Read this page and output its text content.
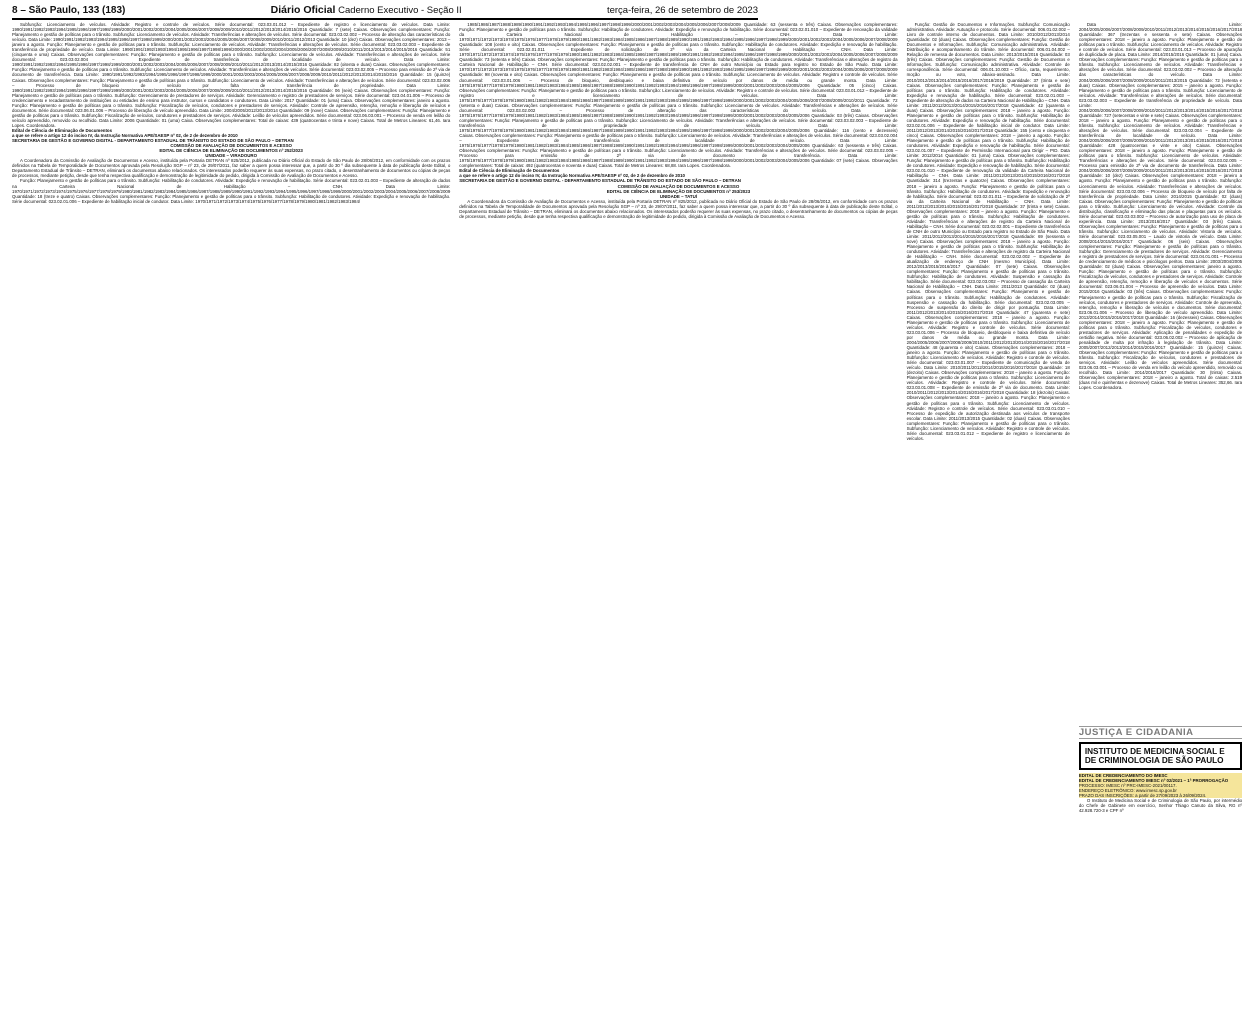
8 – São Paulo, 133 (183)	Diário Oficial Caderno Executivo - Seção II	terça-feira, 26 de setembro de 2023

Subfunção: Licenciamento de veículos. Atividade: Registro e controle de veículos. Série documental: 023.03.01.012 – Expediente de registro e licenciamento de veículos. Data Limite: 1990/1991/1992/1993/1994/1995/1996/1997/1998/1999/2000/2001/2002/2003/2004/2005/2006/2007/2008/2009/2010/2011/2012/2013/2014/2015/2016 Quantidade: 7 (sete) Caixas. Observações complementares: Função: Planejamento e gestão de políticas para o trânsito. Subfunção: Licenciamento de veículos. Atividade: Transferências e alterações de veículos. Série documental: 023.03.02.002 – Processo de alteração das características do veículo. Data Limite: 1990/1991/1992/1993/1994/1995/1996/1997/1998/1999/2000/2001/2002/2003/2004/2005/2006/2007/2008/2009/2010/2011/2012/2013 Quantidade: 10 (dez) Caixas. Observações complementares: 2013 – janeiro a agosto. Função: Planejamento e gestão de políticas para o trânsito. Subfunção: Licenciamento de veículos. Atividade: Transferências e alterações de veículos. Série documental: 023.03.02.003 – Expediente de transferência de propriedade de veículo. Data Limite: 1990/1991/1992/1993/1994/1995/1996/1997/1998/1999/2000/2001/2002/2003/2004/2005/2006/2007/2008/2009/2010/2011/2012/2013/2014/2015/2016 Quantidade: 51 (cinquenta e uma) Caixas. Observações complementares: Função: Planejamento e gestão de políticas para o trânsito. Subfunção: Licenciamento de veículos. Atividade: Transferências e alterações de veículos. Série documental: 023.03.02.004 – Expediente de transferência de localidade de veículo. Data Limite: 1990/1991/1992/1993/1994/1995/1996/1997/1998/1999/2000/2001/2002/2003/2004/2005/2006/2007/2008/2009/2010/2011/2012/2013/2014/2015/2016 Quantidade: 82 (oitenta e duas) Caixas. Observações complementares: Função: Planejamento e gestão de políticas para o trânsito. Subfunção: Licenciamento de veículos. Atividade: Transferências e alterações de veículos. Série documental: 023.03.02.005 – Processo para emissão de 2ª via de documento de transferência. Data Limite: 1990/1991/1992/1993/1994/1995/1996/1997/1998/1999/2000/2001/2002/2003/2004/2005/2006/2007/2008/2009/2010/2011/2012/2013/2014/2015/2016 Quantidade: 15 (quinze) Caixas. Observações complementares: Função: Planejamento e gestão de políticas para o trânsito. Subfunção: Licenciamento de veículos. Atividade: Transferências e alterações de veículos. Série documental: 023.03.02.006 – Processo de bloqueio de veículo por falta de transferência de propriedade. Data Limite: 1990/1991/1992/1993/1994/1995/1996/1997/1998/1999/2000/2001/2002/2003/2004/2005/2006/2007/2008/2009/2010/2011/2012/2013/2014/2015/2016 Quantidade: 06 (seis) Caixas. Observações complementares: Função: Planejamento e gestão de políticas para o trânsito. Subfunção: Gerenciamento de prestadores de serviços. Atividade: Gerenciamento e registro de prestadores de serviços. Série documental: 023.04.01.006 – Processo de credenciamento e recadastramento de instituições ou entidades de ensino para instrutor, cursos e candidatos e condutores. Data Limite: 2017 Quantidade: 01 (uma) Caixa. Observações complementares: janeiro a agosto. Função: Planejamento e gestão de políticas para o trânsito. Subfunção: Fiscalização de veículos, condutores e prestadores de serviços. Atividade: Controle de apreensão, retenção, remoção e liberação de veículos e documentos. Série documental: 023.06.01.006 – Processo de liberação de veículo apreendido. Data Limite: 2004/2005/2012/2013/2014 Quantidade: 09 (nove) Caixas. Observações complementares: Função: Planejamento e gestão de políticas para o trânsito. Subfunção: Fiscalização de veículos, condutores e prestadores de serviços. Atividade: Leilão de veículos apreendidos. Série documental: 023.06.03.001 – Processo de venda em leilão do veículo apreendido, removido ou recolhido. Data Limite: 2006 Quantidade: 01 (uma) Caixa. Observações complementares: Total de caixas: 439 (quatrocentas e trinta e nove) Caixas. Total de Metros Lineares: 61,46. Iara Lopes. Coordenadora.

Edital de Ciência de Eliminação de Documentos

a que se refere o artigo 12 do inciso IV, da Instrução Normativa APE/SAESP nº 02, de 2 de dezembro de 2010

SECRETARIA DE GESTÃO E GOVERNO DIGITAL - DEPARTAMENTO ESTADUAL DE TRÂNSITO DO ESTADO DE SÃO PAULO – DETRAN

COMISSÃO DE AVALIAÇÃO DE DOCUMENTOS E ACESSO

EDITAL DE CIÊNCIA DE ELIMINAÇÃO DE DOCUMENTOS nº 252/2023

UNIDADE – VIRADOURO

A Coordenadora da Comissão de Avaliação de Documentos e Acesso, instituída pela Portaria DETRAN nº 825/2012, publicada no Diário Oficial do Estado de São Paulo de 28/06/2012, em conformidade com os prazos definidos na Tabela de Temporalidade de Documentos aprovada pela Resolução SGP – nº 23, de 29/07/2011, faz saber a quem possa interessar que, a partir do 30 º dia subsequente à data de publicação deste Edital, o Departamento Estadual de Trânsito – DETRAN, eliminará os documentos abaixo relacionados. Os interessados poderão requerer às suas expensas, no prazo citado, o desentranhamento de documentos ou cópias de peças de processos, mediante petição, desde que tenha respectiva qualificação e demonstração de legitimidade do pedido, dirigida à Comissão de Avaliação de Documentos e Acesso.

Função: Planejamento e gestão de políticas para o trânsito. Subfunção: Habilitação de condutores. Atividade: Expedição e renovação de habilitação. Série documental: 023.02.01.003 – Expediente de alteração de dados na Carteira Nacional de Habilitação – CNH. Data Limite: 1970/1971/1972/1973/1974/1975/1976/1977/1978/1979/1980/1981/1982/1983/1984/1985/1986/1987/1988/1989/1990/1991/1992/1993/1994/1995/1996/1997/1998/1999/2000/2001/2002/2003/2004/2005/2006/2007/2008/2009 Quantidade: 18 (treze e quatro) Caixas. Observações complementares: Função: Planejamento e gestão de políticas para o trânsito. Subfunção: Habilitação de condutores. Atividade: Expedição e renovação de habilitação. Série documental: 023.02.01.006 – Expediente de habilitação inicial de condutor. Data Limite: 1970/1971/1972/1973/1974/1975/1976/1977/1978/1979/1980/1981/1982/1983/1984/

1985/1986/1987/1988/1989/1990/1991/1992/1993/1994/1995/1996/1997/1998/1999/2000/2001/2002/2003/2004/2005/2006/2007/2008/2009 Quantidade: 63 (sessenta e três) Caixas. Observações complementares: Função: Planejamento e gestão de políticas para o trânsito. Subfunção: Habilitação de condutores. Atividade: Expedição e renovação de habilitação. Série documental: 023.02.01.010 – Expediente de renovação da validade da Carteira Nacional de Habilitação – CNH. Data Limite: 1970/1971/1972/1973/1974/1975/1976/1977/1978/1979/1980/1981/1982/1983/1984/1985/1986/1987/1988/1989/1990/1991/1992/1993/1994/1995/1996/1997/1998/1999/2000/2001/2002/2003/2004/2005/2006/2007/2008/2009 Quantidade: 108 (cento e oito) Caixas. Observações complementares: Função: Planejamento e gestão de políticas para o trânsito. Subfunção: Habilitação de condutores. Atividade: Expedição e renovação de habilitação. Série documental: 023.02.01.011 – Expediente de solicitação de 2ª via da Carteira Nacional de Habilitação – CNH. Data Limite: 1970/1971/1972/1973/1974/1975/1976/1977/1978/1979/1980/1981/1982/1983/1984/1985/1986/1987/1988/1989/1990/1991/1992/1993/1994/1995/1996/1997/1998/1999/2000/2001/2002/2003/2004/2005/2006/2007/2008/2009 Quantidade: 73 (setenta e três) Caixas. Observações complementares: Função: Planejamento e gestão de políticas para o trânsito. Subfunção: Habilitação de condutores. Atividade: Transferências e alterações de registro da Carteira Nacional de Habilitação – CNH. Série documental: 023.02.02.001 – Expediente de transferência de CNH de outro Município ou Estado para registro no Estado de São Paulo. Data Limite: 1970/1971/1972/1973/1974/1975/1976/1977/1978/1979/1980/1981/1982/1983/1984/1985/1986/1987/1988/1989/1990/1991/1992/1993/1994/1995/1996/1997/1998/1999/2000/2001/2002/2003/2004/2005/2006/2007/2008/2009 Quantidade: 98 (noventa e oito) Caixas. Observações complementares: Função: Planejamento e gestão de políticas para o trânsito. Subfunção: Licenciamento de veículos. Atividade: Registro e controle de veículos. Série documental: 023.03.01.006 – Processo de bloqueio, desbloqueio e baixa definitiva de veículo por danos de média ou grande monta. Data Limite: 1975/1976/1977/1978/1979/1980/1981/1982/1983/1984/1985/1986/1987/1988/1989/1990/1991/1992/1993/1994/1995/1996/1997/1998/1999/2000/2001/2002/2003/2004/2005/2006 Quantidade: 05 (cinco) Caixas. Observações complementares: Função: Planejamento e gestão de políticas para o trânsito. Subfunção: Licenciamento de veículos. Atividade: Registro e controle de veículos. Série documental: 023.03.01.012 – Expediente de registro e licenciamento de veículos. Data Limite: 1975/1976/1977/1978/1979/1980/1981/1982/1983/1984/1985/1986/1987/1988/1989/1990/1991/1992/1993/1994/1995/1996/1997/1998/1999/2000/2001/2002/2003/2004/2005/2006/2007/2008/2009/2010/2011 Quantidade: 72 (setenta e duas) Caixas. Observações complementares: Função: Planejamento e gestão de políticas para o trânsito. Subfunção: Licenciamento de veículos. Atividade: Transferências e alterações de veículos. Série documental: 023.03.02.002 – Processo de alteração das características do veículo. Data Limite: 1975/1976/1977/1978/1979/1980/1981/1982/1983/1984/1985/1986/1987/1988/1989/1990/1991/1992/1993/1994/1995/1996/1997/1998/1999/2000/2001/2002/2003/2004/2005/2006 Quantidade: 03 (três) Caixas. Observações complementares: Função: Planejamento e gestão de políticas para o trânsito. Subfunção: Licenciamento de veículos. Atividade: Transferências e alterações de veículos. Série documental: 023.03.02.003 – Expediente de transferência de propriedade de veículo. Data Limite: 1975/1976/1977/1978/1979/1980/1981/1982/1983/1984/1985/1986/1987/1988/1989/1990/1991/1992/1993/1994/1995/1996/1997/1998/1999/2000/2001/2002/2003/2004/2005/2006 Quantidade: 116 (cento e dezesseis) Caixas. Observações complementares: Função: Planejamento e gestão de políticas para o trânsito. Subfunção: Licenciamento de veículos. Atividade: Transferências e alterações de veículos. Série documental: 023.03.02.004 – Expediente de transferência de localidade de veículo. Data Limite: 1975/1976/1977/1978/1979/1980/1981/1982/1983/1984/1985/1986/1987/1988/1989/1990/1991/1992/1993/1994/1995/1996/1997/1998/1999/2000/2001/2002/2003/2004/2005/2006 Quantidade: 63 (sessenta e três) Caixas. Observações complementares: Função: Planejamento e gestão de políticas para o trânsito. Subfunção: Licenciamento de veículos. Atividade: Transferências e alterações de veículos. Série documental: 023.03.02.005 – Processo para emissão de 2ª via de documento de transferência. Data Limite: 1975/1976/1977/1978/1979/1980/1981/1982/1983/1984/1985/1986/1987/1988/1989/1990/1991/1992/1993/1994/1995/1996/1997/1998/1999/2000/2001/2002/2003/2004/2005/2006 Quantidade: 07 (sete) Caixas. Observações complementares: Total de caixas: 492 (quatrocentas e noventa e duas) Caixas. Total de Metros Lineares: 68,88. Iara Lopes. Coordenadora.

Edital de Ciência de Eliminação de Documentos

a que se refere o artigo 12 do inciso IV, da Instrução Normativa APE/SAESP nº 02, de 2 de dezembro de 2010

SECRETARIA DE GESTÃO E GOVERNO DIGITAL - DEPARTAMENTO ESTADUAL DE TRÂNSITO DO ESTADO DE SÃO PAULO – DETRAN

COMISSÃO DE AVALIAÇÃO DE DOCUMENTOS E ACESSO

EDITAL DE CIÊNCIA DE ELIMINAÇÃO DE DOCUMENTOS nº 253/2023

UNIDADE – TATUÍ

A Coordenadora da Comissão de Avaliação de Documentos e Acesso, instituída pela Portaria DETRAN nº 825/2012, publicada no Diário Oficial do Estado de São Paulo de 28/06/2012, em conformidade com os prazos definidos na Tabela de Temporalidade de Documentos aprovada pela Resolução SGP – nº 23, de 29/07/2011, faz saber a quem possa interessar que, a partir do 30 º dia subsequente à data de publicação deste Edital, o Departamento Estadual de Trânsito – DETRAN, eliminará os documentos abaixo relacionados. Os interessados poderão requerer às suas expensas, no prazo citado, o desentranhamento de documentos ou cópias de peças de processos, mediante petição, desde que tenha respectiva qualificação e demonstração de legitimidade do pedido, dirigida à Comissão de Avaliação de Documentos e Acesso.

Função: Gestão de Documentos e Informações. Subfunção: Comunicação administrativa. Atividade: Autuação e protocolo. Série documental: 006.01.02.002 – Livro de controle interno de documentos. Data Limite: 2010/2012/2013/2014 Quantidade: 02 (duas) Caixas. Observações complementares: Função: Gestão de Documentos e Informações. Subfunção: Comunicação administrativa. Atividade: Distribuição e acompanhamento do trâmite. Série documental: 006.01.04.002 – Relação de remessa de documentos. Data Limite: 2013/2015/2016 Quantidade: 03 (três) Caixas. Observações complementares: Função: Gestão de Documentos e Informações. Subfunção: Comunicação administrativa. Atividade: Controle de correspondência. Série documental: 006.01.10.003 – Ofício, carta, requerimento, moção ou voto, abaixo-assinado. Data Limite: 2010/2012/2013/2014/2015/2016/2017/2018/2019 Quantidade: 37 (trinta e sete) Caixas. Observações complementares: Função: Planejamento e gestão de políticas para o trânsito. Subfunção: Habilitação de condutores. Atividade: Expedição e renovação de habilitação. Série documental: 023.02.01.003 – Expediente de alteração de dados na Carteira Nacional de Habilitação – CNH. Data Limite: 2011/2012/2013/2014/2015/2016/2017/2018 Quantidade: 42 (quarenta e duas) Caixas. Observações complementares: 2018 – janeiro a agosto. Função: Planejamento e gestão de políticas para o trânsito. Subfunção: Habilitação de condutores. Atividade: Expedição e renovação de habilitação. Série documental: 023.02.01.006 – Expediente de habilitação inicial de condutor. Data Limite: 2011/2012/2013/2014/2015/2016/2017/2018 Quantidade: 155 (cento e cinquenta e cinco) Caixas. Observações complementares: 2018 – janeiro a agosto. Função: Planejamento e gestão de políticas para o trânsito. Subfunção: Habilitação de condutores. Atividade: Expedição e renovação de habilitação. Série documental: 023.02.01.007 – Expediente de Permissão Internacional para Dirigir – PID. Data Limite: 2012/2014 Quantidade: 01 (uma) Caixa. Observações complementares: Função: Planejamento e gestão de políticas para o trânsito. Subfunção: Habilitação de condutores. Atividade: Expedição e renovação de habilitação. Série documental: 023.02.01.010 – Expediente de renovação da validade da Carteira Nacional de Habilitação – CNH. Data Limite: 2011/2012/2013/2014/2015/2016/2017/2018 Quantidade: 314 (trezentas e quatorze) Caixas. Observações complementares: 2018 – janeiro a agosto. Função: Planejamento e gestão de políticas para o trânsito. Subfunção: Habilitação de condutores. Atividade: Expedição e renovação de habilitação. Série documental: 023.02.01.011 – Expediente de solicitação de 2ª via da Carteira Nacional de Habilitação – CNH. Data Limite: 2011/2012/2013/2014/2015/2016/2017/2018 Quantidade: 37 (trinta e sete) Caixas. Observações complementares: 2018 – janeiro a agosto. Função: Planejamento e gestão de políticas para o trânsito. Subfunção: Habilitação de condutores. Atividade: Transferências e alterações de registro da Carteira Nacional de Habilitação – CNH. Série documental: 023.02.02.001 – Expediente de transferência de CNH de outro Município ou Estado para registro no Estado de São Paulo. Data Limite: 2011/2012/2013/2014/2015/2016/2017/2018 Quantidade: 69 (sessenta e nove) Caixas. Observações complementares: 2018 – janeiro a agosto. Função: Planejamento e gestão de políticas para o trânsito. Subfunção: Habilitação de condutores. Atividade: Transferências e alterações de registro da Carteira Nacional de Habilitação – CNH. Série documental: 023.02.02.002 – Expediente de atualização de endereço de CNH (mesmo Município). Data Limite: 2012/2013/2015/2016/2017 Quantidade: 07 (sete) Caixas. Observações complementares: Função: Planejamento e gestão de políticas para o trânsito. Subfunção: Habilitação de condutores. Atividade: Suspensão e cassação da habilitação. Série documental: 023.02.03.002 – Processo de cassação da Carteira Nacional de Habilitação – CNH. Data Limite: 2011/2013 Quantidade: 02 (duas) Caixas. Observações complementares: Função: Planejamento e gestão de políticas para o trânsito. Subfunção: Habilitação de condutores. Atividade: Suspensão e cassação da habilitação. Série documental: 023.02.03.005 – Processo de suspensão do direito de dirigir por pontuação. Data Limite: 2011/2012/2013/2014/2015/2016/2017/2018 Quantidade: 47 (quarenta e sete) Caixas. Observações complementares: 2018 – janeiro a agosto. Função: Planejamento e gestão de políticas para o trânsito. Subfunção: Licenciamento de veículos. Atividade: Registro e controle de veículos. Série documental: 023.03.01.006 – Processo de bloqueio, desbloqueio e baixa definitiva de veículo por danos de média ou grande monta. Data Limite: 2004/2005/2006/2007/2008/2009/2010/2011/2012/2013/2014/2015/2016/2017/2018 Quantidade: 48 (quarenta e oito) Caixas. Observações complementares: 2018 – janeiro a agosto. Função: Planejamento e gestão de políticas para o trânsito. Subfunção: Licenciamento de veículos. Atividade: Registro e controle de veículos. Série documental: 023.03.01.007 – Expediente de comunicação de venda de veículo. Data Limite: 2010/2011/2012/2014/2015/2016/2017/2018 Quantidade: 18 (dezoito) Caixas. Observações complementares: 2018 – janeiro a agosto. Função: Planejamento e gestão de políticas para o trânsito. Subfunção: Licenciamento de veículos. Atividade: Registro e controle de veículos. Série documental: 023.03.01.008 – Expediente de emissão de 2ª via de documento. Data Limite: 2010/2011/2012/2013/2014/2015/2016/2017/2018 Quantidade: 18 (dezoito) Caixas. Observações complementares: 2018 – janeiro a agosto. Função: Planejamento e gestão de políticas para o trânsito. Subfunção: Licenciamento de veículos. Atividade: Registro e controle de veículos. Série documental: 023.03.01.010 – Processo de expedição de autorização destinada aos veículos de transporte escolar. Data Limite: 2011/2013/2015 Quantidade: 02 (duas) Caixas. Observações complementares: Função: Planejamento e gestão de políticas para o trânsito. Subfunção: Licenciamento de veículos. Atividade: Registro e controle de veículos. Série documental: 023.03.01.012 – Expediente de registro e licenciamento de veículos.

Data Limite: 2004/2005/2006/2007/2008/2009/2010/2011/2012/2013/2014/2015/2016/2017/2018 Quantidade: 367 (trezentas e sessenta e sete) Caixas. Observações complementares: 2018 – janeiro a agosto. Função: Planejamento e gestão de políticas para o trânsito. Subfunção: Licenciamento de veículos. Atividade: Registro e controle de veículos. Série documental: 023.03.01.013 – Processo de apuração de duplicidade de placa. Data Limite: 2014/2015/2016 Quantidade: 01 (uma) Caixa. Observações complementares: Função: Planejamento e gestão de políticas para o trânsito. Subfunção: Licenciamento de veículos. Atividade: Transferências e alterações de veículos. Série documental: 023.03.02.002 – Processo de alteração das características do veículo. Data Limite: 2004/2005/2006/2007/2008/2009/2010/2011/2013/2015 Quantidade: 72 (setenta e duas) Caixas. Observações complementares: 2015 – janeiro a agosto. Função: Planejamento e gestão de políticas para o trânsito. Subfunção: Licenciamento de veículos. Atividade: Transferências e alterações de veículos. Série documental: 023.03.02.003 – Expediente de transferência de propriedade de veículo. Data Limite: 2004/2005/2006/2007/2008/2009/2010/2011/2012/2013/2014/2015/2016/2017/2018 Quantidade: 727 (setecentas e vinte e sete) Caixas. Observações complementares: 2018 – janeiro a agosto. Função: Planejamento e gestão de políticas para o trânsito. Subfunção: Licenciamento de veículos. Atividade: Transferências e alterações de veículos. Série documental: 023.03.02.004 – Expediente de transferência de localidade de veículo. Data Limite: 2004/2005/2006/2007/2008/2009/2010/2011/2012/2013/2014/2015/2016/2017/2018 Quantidade: 428 (quatrocentas e vinte e oito) Caixas. Observações complementares: 2018 – janeiro a agosto. Função: Planejamento e gestão de políticas para o trânsito. Subfunção: Licenciamento de veículos. Atividade: Transferências e alterações de veículos. Série documental: 023.03.02.005 – Processo para emissão de 2ª via de documento de transferência. Data Limite: 2004/2005/2006/2007/2008/2009/2010/2011/2012/2013/2014/2015/2016/2017/2018 Quantidade: 10 (dez) Caixas. Observações complementares: 2018 – janeiro a agosto. Função: Planejamento e gestão de políticas para o trânsito. Subfunção: Licenciamento de veículos. Atividade: Transferências e alterações de veículos. Série documental: 023.03.02.006 – Processo de bloqueio de veículo por falta de transferência de propriedade. Data Limite: 2014/2015 Quantidade: 02 (duas) Caixas. Observações complementares: Função: Planejamento e gestão de políticas para o trânsito. Subfunção: Licenciamento de veículos. Atividade: Controle da distribuição, classificação e eliminação das placas e plaquetas para os veículos. Série documental: 023.03.03.002 – Processo de autorização para uso de placa de experiência. Data Limite: 2013/2016/2017 Quantidade: 03 (três) Caixas. Observações complementares: Função: Planejamento e gestão de políticas para o trânsito. Subfunção: Licenciamento de veículos. Atividade: Vistoria de veículos. Série documental: 023.03.05.001 – Laudo de vistoria de veículo. Data Limite: 2008/2014/2015/2016/2017 Quantidade: 06 (seis) Caixas. Observações complementares: Função: Planejamento e gestão de políticas para o trânsito. Subfunção: Gerenciamento de prestadores de serviços. Atividade: Gerenciamento e registro de prestadores de serviços. Série documental: 023.04.01.001 – Processo de credenciamento de médicos e psicólogos peritos. Data Limite: 2003/2004/2005 Quantidade: 02 (duas) Caixas. Observações complementares: janeiro a agosto. Função: Planejamento e gestão de políticas para o trânsito. Subfunção: Fiscalização de veículos, condutores e prestadores de serviços. Atividade: Controle de apreensão, retenção, remoção e liberação de veículos e documentos. Série documental: 023.06.01.004 – Processo de apreensão de veículos. Data Limite: 2015/2016 Quantidade: 03 (três) Caixas. Observações complementares: Função: Planejamento e gestão de políticas para o trânsito. Subfunção: Fiscalização de veículos, condutores e prestadores de serviços. Atividade: Controle de apreensão, retenção, remoção e liberação de veículos e documentos. Série documental: 023.06.01.006 – Processo de liberação de veículo apreendido. Data Limite: 2013/2014/2015/2016/2017/2018 Quantidade: 16 (dezesseis) Caixas. Observações complementares: 2018 – janeiro a agosto. Função: Planejamento e gestão de políticas para o trânsito. Subfunção: Fiscalização de veículos, condutores e prestadores de serviços. Atividade: Aplicação de penalidades e expedição de certidão negativa. Série documental: 023.06.02.002 – Processo de aplicação de penalidade de multa por infração à legislação de trânsito. Data Limite: 2005/2007/2012/2013/2014/2015/2016/2017 Quantidade: 15 (quinze) Caixas. Observações complementares: Função: Planejamento e gestão de políticas para o trânsito. Subfunção: Fiscalização de veículos, condutores e prestadores de serviços. Atividade: Leilão de veículos apreendidos. Série documental: 023.06.03.001 – Processo de venda em leilão do veículo apreendido, removido ou recolhido. Data Limite: 2014/2016/2017 Quantidade: 30 (trinta) Caixas. Observações complementares: 2018 – janeiro a agosto. Total de caixas: 2.519 (duas mil e quinhentas e dezenove) Caixas. Total de Metros Lineares: 352,66. Iara Lopes. Coordenadora.

JUSTIÇA E CIDADANIA
INSTITUTO DE MEDICINA SOCIAL E DE CRIMINOLOGIA DE SÃO PAULO

EDITAL DE CREDENCIAMENTO DO IMESC

EDITAL DE CREDENCIAMENTO IMESC nº 02/2021 – 1ª PRORROGAÇÃO

PROCESSO: IMESC nº PRC-IMESC-2021/00117.

ENDEREÇO ELETRÔNICO: www.imesc.sp.gov.br

PRAZO DAS INSCRIÇÕES: a partir de 27/09/2023 à 26/09/2024.

O Instituto de Medicina Social e de Criminologia de São Paulo, por intermédio do Chefe de Gabinete em exercício, Senhor Thiago Canuto da Silva, RG nº 42.928.720-3 e CPF nº
